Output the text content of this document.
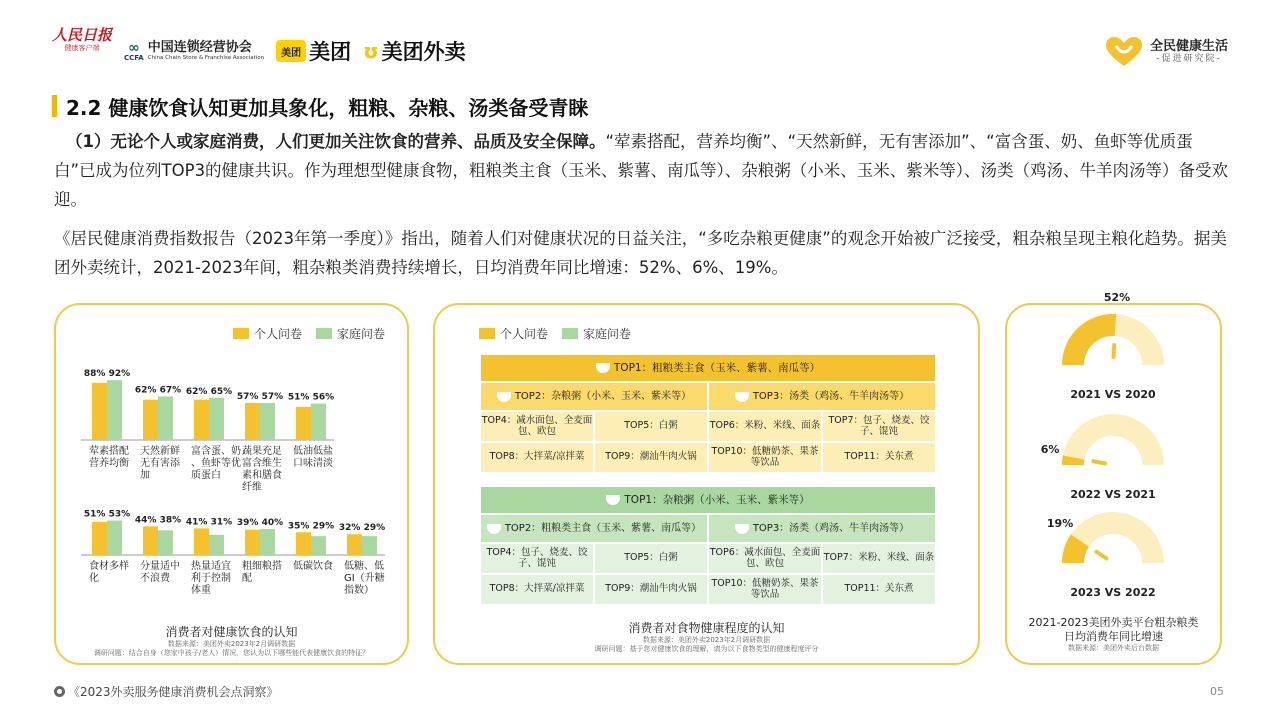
人民日报
健康客户端 ∞
CCFA
中国连锁经营协会
China Chain Store & Franchise Association	美团 美团 ʊ 美团外卖	全民健康生活
-促进研究院-
2.2 健康饮食认知更加具象化，粗粮、杂粮、汤类备受青睐
（1）无论个人或家庭消费，人们更加关注饮食的营养、品质及安全保障。“荤素搭配，营养均衡”、“天然新鲜，无有害添加”、“富含蛋、奶、鱼虾等优质蛋白”已成为位列TOP3的健康共识。作为理想型健康食物，粗粮类主食（玉米、紫薯、南瓜等）、杂粮粥（小米、玉米、紫米等）、汤类（鸡汤、牛羊肉汤等）备受欢迎。
《居民健康消费指数报告（2023年第一季度）》指出，随着人们对健康状况的日益关注，“多吃杂粮更健康”的观念开始被广泛接受，粗杂粮呈现主粮化趋势。据美团外卖统计，2021-2023年间，粗杂粮类消费持续增长，日均消费年同比增速：52%、6%、19%。
个人问卷	家庭问卷
88% 92%
荤素搭配
营养均衡
62% 67%
天然新鲜
无有害添
加
62% 65%
富含蛋、奶
、鱼虾等优
质蛋白
57% 57%
蔬果充足
富含维生
素和膳食
纤维
51% 56%
低油低盐
口味清淡
51% 53%
食材多样
化
44% 38%
分量适中
不浪费
41% 31%
热量适宜
利于控制
体重
39% 40%
粗细粮搭
配
35% 29%
低碳饮食
32% 29%
低糖、低
GI（升糖
指数）
消费者对健康饮食的认知
数据来源：美团外卖2023年2月调研数据
调研问题：结合自身（您家中孩子/老人）情况，您认为以下哪些能代表健康饮食的特征？
个人问卷	家庭问卷
TOP1：粗粮类主食（玉米、紫薯、南瓜等）
TOP2：杂粮粥（小米、玉米、紫米等）	TOP3：汤类（鸡汤、牛羊肉汤等）
TOP4：减水面包、全麦面包、欧包	TOP5：白粥	TOP6：米粉、米线、面条 TOP7：包子、烧麦、饺子、馄饨
TOP8：大拌菜/凉拌菜	TOP9：潮汕牛肉火锅	TOP10：低糖奶茶、果茶等饮品	TOP11：关东煮
TOP1：杂粮粥（小米、玉米、紫米等）
TOP2：粗粮类主食（玉米、紫薯、南瓜等）	TOP3：汤类（鸡汤、牛羊肉汤等）
TOP4：包子、烧麦、饺子、馄饨	TOP5：白粥	TOP6：减水面包、全麦面包、欧包	TOP7：米粉、米线、面条
TOP8：大拌菜/凉拌菜	TOP9：潮汕牛肉火锅	TOP10：低糖奶茶、果茶等饮品	TOP11：关东煮
消费者对食物健康程度的认知
数据来源：美团外卖2023年2月调研数据
调研问题：基于您对健康饮食的理解，请为以下食物类型的健康程度评分
52%
2021 VS 2020
6%
2022 VS 2021
19%
2023 VS 2022
2021-2023美团外卖平台粗杂粮类
日均消费年同比增速
数据来源：美团外卖后台数据
《2023外卖服务健康消费机会点洞察》	05
